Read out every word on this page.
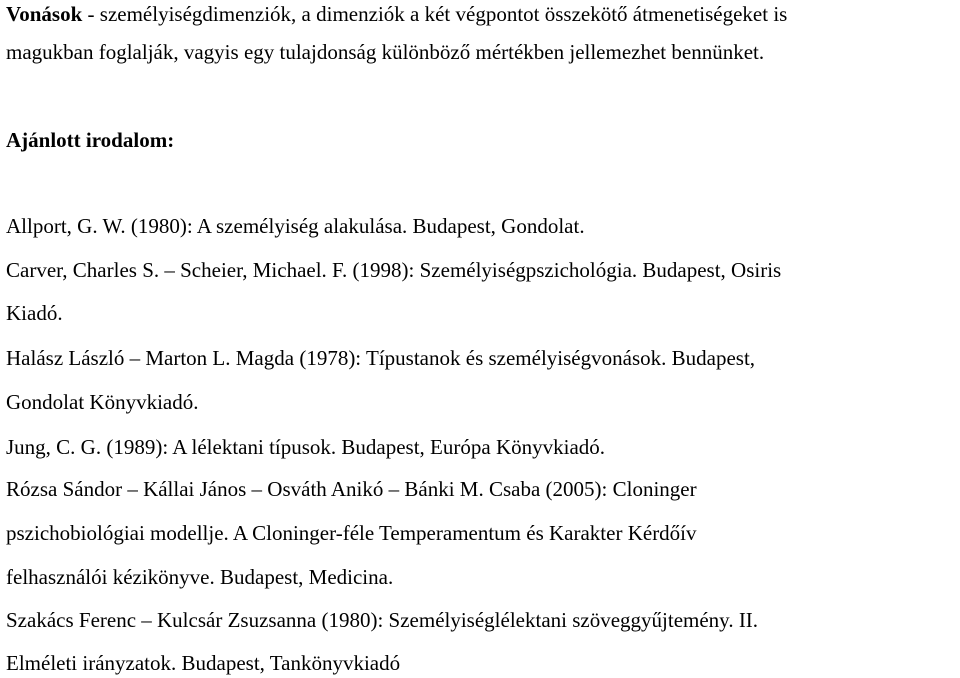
Vonások - személyiségdimenziók, a dimenziók a két végpontot összekötő átmenetiségeket is
magukban foglalják, vagyis egy tulajdonság különböző mértékben jellemezhet bennünket.
Ajánlott irodalom:
Allport, G. W. (1980): A személyiség alakulása. Budapest, Gondolat.
Carver, Charles S. – Scheier, Michael. F. (1998): Személyiségpszichológia. Budapest, Osiris
Kiadó.
Halász László – Marton L. Magda (1978): Típustanok és személyiségvonások. Budapest,
Gondolat Könyvkiadó.
Jung, C. G. (1989): A lélektani típusok. Budapest, Európa Könyvkiadó.
Rózsa Sándor – Kállai János – Osváth Anikó – Bánki M. Csaba (2005): Cloninger
pszichobiológiai modellje. A Cloninger-féle Temperamentum és Karakter Kérdőív
felhasználói kézikönyve. Budapest, Medicina.
Szakács Ferenc – Kulcsár Zsuzsanna (1980): Személyiséglélektani szöveggyűjtemény. II.
Elméleti irányzatok. Budapest, Tankönyvkiadó
